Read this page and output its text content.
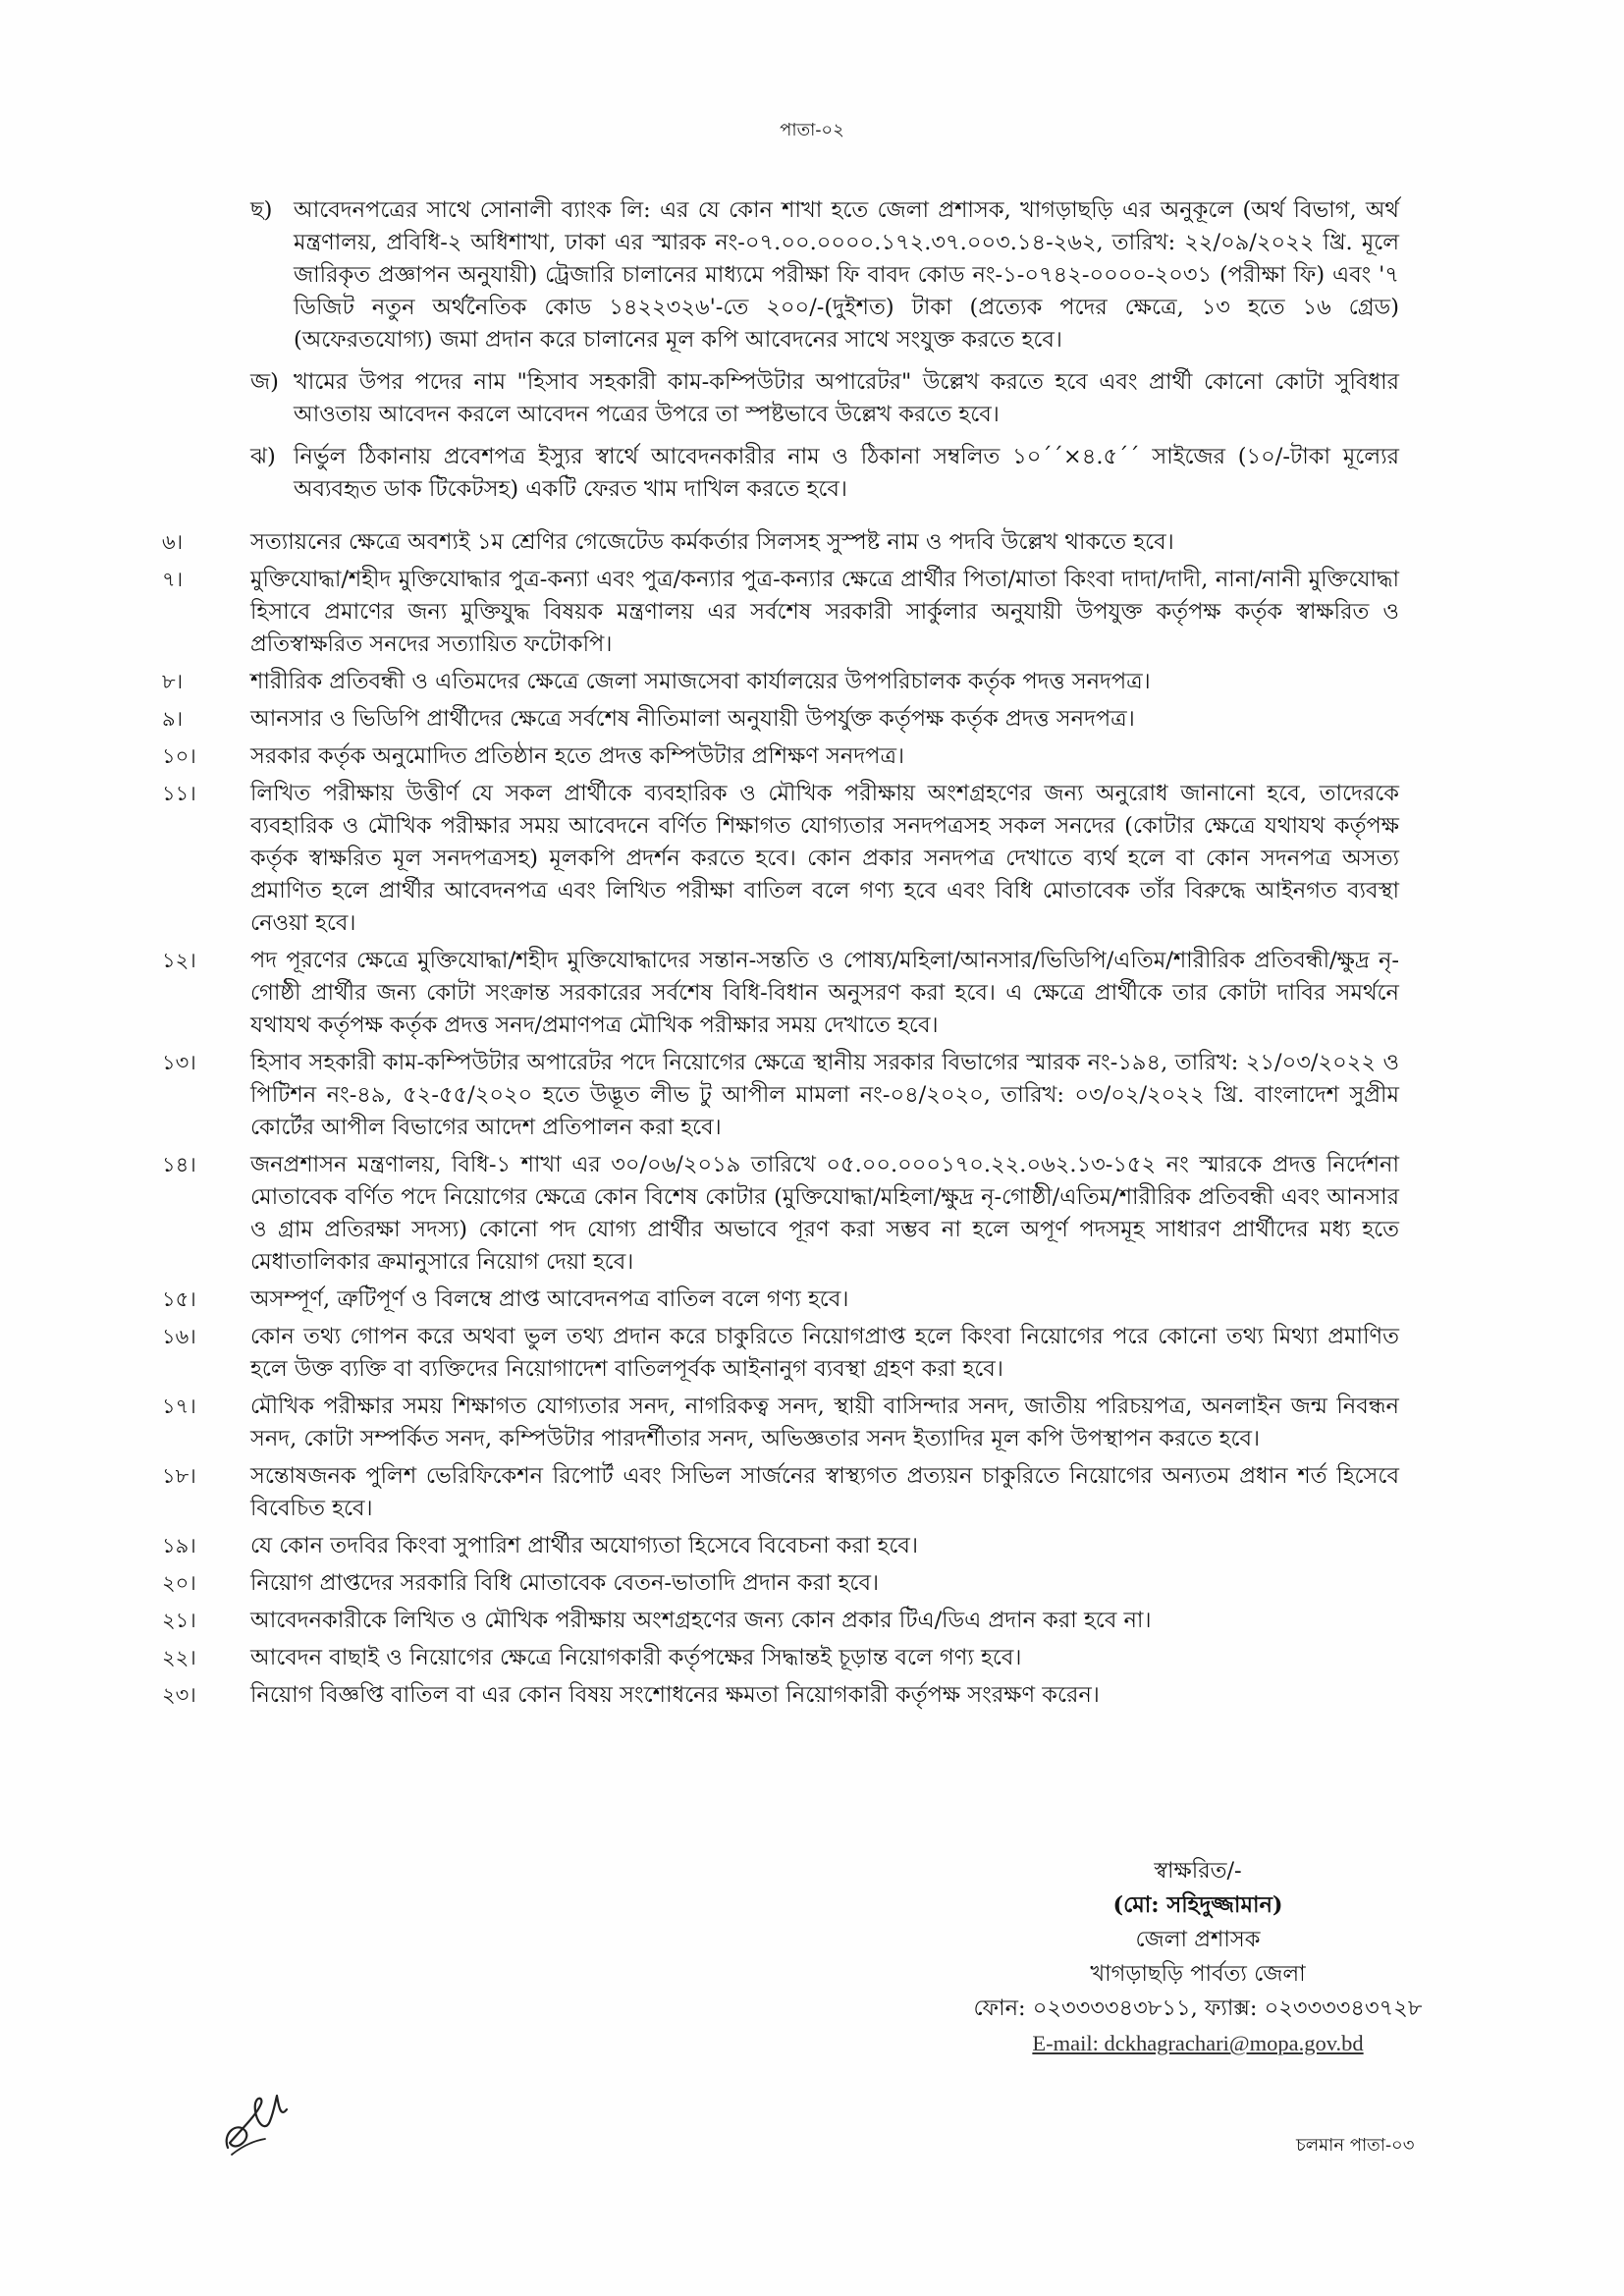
পাতা-০২
ছ) আবেদনপত্রের সাথে সোনালী ব্যাংক লি: এর যে কোন শাখা হতে জেলা প্রশাসক, খাগড়াছড়ি এর অনুকূলে (অর্থ বিভাগ, অর্থ মন্ত্রণালয়, প্রবিধি-২ অধিশাখা, ঢাকা এর স্মারক নং-০৭.০০.০০০০.১৭২.৩৭.০০৩.১৪-২৬২, তারিখ: ২২/০৯/২০২২ খ্রি. মূলে জারিকৃত প্রজ্ঞাপন অনুযায়ী) ট্রেজারি চালানের মাধ্যমে পরীক্ষা ফি বাবদ কোড নং-১-০৭৪২-০০০০-২০৩১ (পরীক্ষা ফি) এবং '৭ ডিজিট নতুন অর্থনৈতিক কোড ১৪২২৩২৬'-তে ২০০/-(দুইশত) টাকা (প্রত্যেক পদের ক্ষেত্রে, ১৩ হতে ১৬ গ্রেড) (অফেরতযোগ্য) জমা প্রদান করে চালানের মূল কপি আবেদনের সাথে সংযুক্ত করতে হবে।
জ) খামের উপর পদের নাম "হিসাব সহকারী কাম-কম্পিউটার অপারেটর" উল্লেখ করতে হবে এবং প্রার্থী কোনো কোটা সুবিধার আওতায় আবেদন করলে আবেদন পত্রের উপরে তা স্পষ্টভাবে উল্লেখ করতে হবে।
ঝ) নির্ভুল ঠিকানায় প্রবেশপত্র ইস্যুর স্বার্থে আবেদনকারীর নাম ও ঠিকানা সম্বলিত ১০´´×৪.৫´´ সাইজের (১০/-টাকা মূল্যের অব্যবহৃত ডাক টিকেটসহ) একটি ফেরত খাম দাখিল করতে হবে।
৬।	সত্যায়নের ক্ষেত্রে অবশ্যই ১ম শ্রেণির গেজেটেড কর্মকর্তার সিলসহ সুস্পষ্ট নাম ও পদবি উল্লেখ থাকতে হবে।
৭।	মুক্তিযোদ্ধা/শহীদ মুক্তিযোদ্ধার পুত্র-কন্যা এবং পুত্র/কন্যার পুত্র-কন্যার ক্ষেত্রে প্রার্থীর পিতা/মাতা কিংবা দাদা/দাদী, নানা/নানী মুক্তিযোদ্ধা হিসাবে প্রমাণের জন্য মুক্তিযুদ্ধ বিষয়ক মন্ত্রণালয় এর সর্বশেষ সরকারী সার্কুলার অনুযায়ী উপযুক্ত কর্তৃপক্ষ কর্তৃক স্বাক্ষরিত ও প্রতিস্বাক্ষরিত সনদের সত্যায়িত ফটোকপি।
৮।	শারীরিক প্রতিবন্ধী ও এতিমদের ক্ষেত্রে জেলা সমাজসেবা কার্যালয়ের উপপরিচালক কর্তৃক পদত্ত সনদপত্র।
৯।	আনসার ও ভিডিপি প্রার্থীদের ক্ষেত্রে সর্বশেষ নীতিমালা অনুযায়ী উপর্যুক্ত কর্তৃপক্ষ কর্তৃক প্রদত্ত সনদপত্র।
১০। সরকার কর্তৃক অনুমোদিত প্রতিষ্ঠান হতে প্রদত্ত কম্পিউটার প্রশিক্ষণ সনদপত্র।
১১। লিখিত পরীক্ষায় উত্তীর্ণ যে সকল প্রার্থীকে ব্যবহারিক ও মৌখিক পরীক্ষায় অংশগ্রহণের জন্য অনুরোধ জানানো হবে, তাদেরকে ব্যবহারিক ও মৌখিক পরীক্ষার সময় আবেদনে বর্ণিত শিক্ষাগত যোগ্যতার সনদপত্রসহ সকল সনদের (কোটার ক্ষেত্রে যথাযথ কর্তৃপক্ষ কর্তৃক স্বাক্ষরিত মূল সনদপত্রসহ) মূলকপি প্রদর্শন করতে হবে। কোন প্রকার সনদপত্র দেখাতে ব্যর্থ হলে বা কোন সদনপত্র অসত্য প্রমাণিত হলে প্রার্থীর আবেদনপত্র এবং লিখিত পরীক্ষা বাতিল বলে গণ্য হবে এবং বিধি মোতাবেক তাঁর বিরুদ্ধে আইনগত ব্যবস্থা নেওয়া হবে।
১২। পদ পূরণের ক্ষেত্রে মুক্তিযোদ্ধা/শহীদ মুক্তিযোদ্ধাদের সন্তান-সন্ততি ও পোষ্য/মহিলা/আনসার/ভিডিপি/এতিম/শারীরিক প্রতিবন্ধী/ক্ষুদ্র নৃ-গোষ্ঠী প্রার্থীর জন্য কোটা সংক্রান্ত সরকারের সর্বশেষ বিধি-বিধান অনুসরণ করা হবে। এ ক্ষেত্রে প্রার্থীকে তার কোটা দাবির সমর্থনে যথাযথ কর্তৃপক্ষ কর্তৃক প্রদত্ত সনদ/প্রমাণপত্র মৌখিক পরীক্ষার সময় দেখাতে হবে।
১৩। হিসাব সহকারী কাম-কম্পিউটার অপারেটর পদে নিয়োগের ক্ষেত্রে স্থানীয় সরকার বিভাগের স্মারক নং-১৯৪, তারিখ: ২১/০৩/২০২২ ও পিটিশন নং-৪৯, ৫২-৫৫/২০২০ হতে উদ্ভূত লীভ টু আপীল মামলা নং-০৪/২০২০, তারিখ: ০৩/০২/২০২২ খ্রি. বাংলাদেশ সুপ্রীম কোর্টের আপীল বিভাগের আদেশ প্রতিপালন করা হবে।
১৪। জনপ্রশাসন মন্ত্রণালয়, বিধি-১ শাখা এর ৩০/০৬/২০১৯ তারিখে ০৫.০০.০০০১৭০.২২.০৬২.১৩-১৫২ নং স্মারকে প্রদত্ত নির্দেশনা মোতাবেক বর্ণিত পদে নিয়োগের ক্ষেত্রে কোন বিশেষ কোটার (মুক্তিযোদ্ধা/মহিলা/ক্ষুদ্র নৃ-গোষ্ঠী/এতিম/শারীরিক প্রতিবন্ধী এবং আনসার ও গ্রাম প্রতিরক্ষা সদস্য) কোনো পদ যোগ্য প্রার্থীর অভাবে পূরণ করা সম্ভব না হলে অপূর্ণ পদসমূহ সাধারণ প্রার্থীদের মধ্য হতে মেধাতালিকার ক্রমানুসারে নিয়োগ দেয়া হবে।
১৫। অসম্পূর্ণ, ত্রুটিপূর্ণ ও বিলম্বে প্রাপ্ত আবেদনপত্র বাতিল বলে গণ্য হবে।
১৬। কোন তথ্য গোপন করে অথবা ভুল তথ্য প্রদান করে চাকুরিতে নিয়োগপ্রাপ্ত হলে কিংবা নিয়োগের পরে কোনো তথ্য মিথ্যা প্রমাণিত হলে উক্ত ব্যক্তি বা ব্যক্তিদের নিয়োগাদেশ বাতিলপূর্বক আইনানুগ ব্যবস্থা গ্রহণ করা হবে।
১৭। মৌখিক পরীক্ষার সময় শিক্ষাগত যোগ্যতার সনদ, নাগরিকত্ব সনদ, স্থায়ী বাসিন্দার সনদ, জাতীয় পরিচয়পত্র, অনলাইন জন্ম নিবন্ধন সনদ, কোটা সম্পর্কিত সনদ, কম্পিউটার পারদর্শীতার সনদ, অভিজ্ঞতার সনদ ইত্যাদির মূল কপি উপস্থাপন করতে হবে।
১৮। সন্তোষজনক পুলিশ ভেরিফিকেশন রিপোর্ট এবং সিভিল সার্জনের স্বাস্থ্যগত প্রত্যয়ন চাকুরিতে নিয়োগের অন্যতম প্রধান শর্ত হিসেবে বিবেচিত হবে।
১৯। যে কোন তদবির কিংবা সুপারিশ প্রার্থীর অযোগ্যতা হিসেবে বিবেচনা করা হবে।
২০। নিয়োগ প্রাপ্তদের সরকারি বিধি মোতাবেক বেতন-ভাতাদি প্রদান করা হবে।
২১। আবেদনকারীকে লিখিত ও মৌখিক পরীক্ষায় অংশগ্রহণের জন্য কোন প্রকার টিএ/ডিএ প্রদান করা হবে না।
২২। আবেদন বাছাই ও নিয়োগের ক্ষেত্রে নিয়োগকারী কর্তৃপক্ষের সিদ্ধান্তই চূড়ান্ত বলে গণ্য হবে।
২৩। নিয়োগ বিজ্ঞপ্তি বাতিল বা এর কোন বিষয় সংশোধনের ক্ষমতা নিয়োগকারী কর্তৃপক্ষ সংরক্ষণ করেন।
স্বাক্ষরিত/-
(মো: সহিদুজ্জামান)
জেলা প্রশাসক
খাগড়াছড়ি পার্বত্য জেলা
ফোন: ০২৩৩৩৩৪৩৮১১, ফ্যাক্স: ০২৩৩৩৩৪৩৭২৮
E-mail: dckhagrachari@mopa.gov.bd
চলমান পাতা-০৩
